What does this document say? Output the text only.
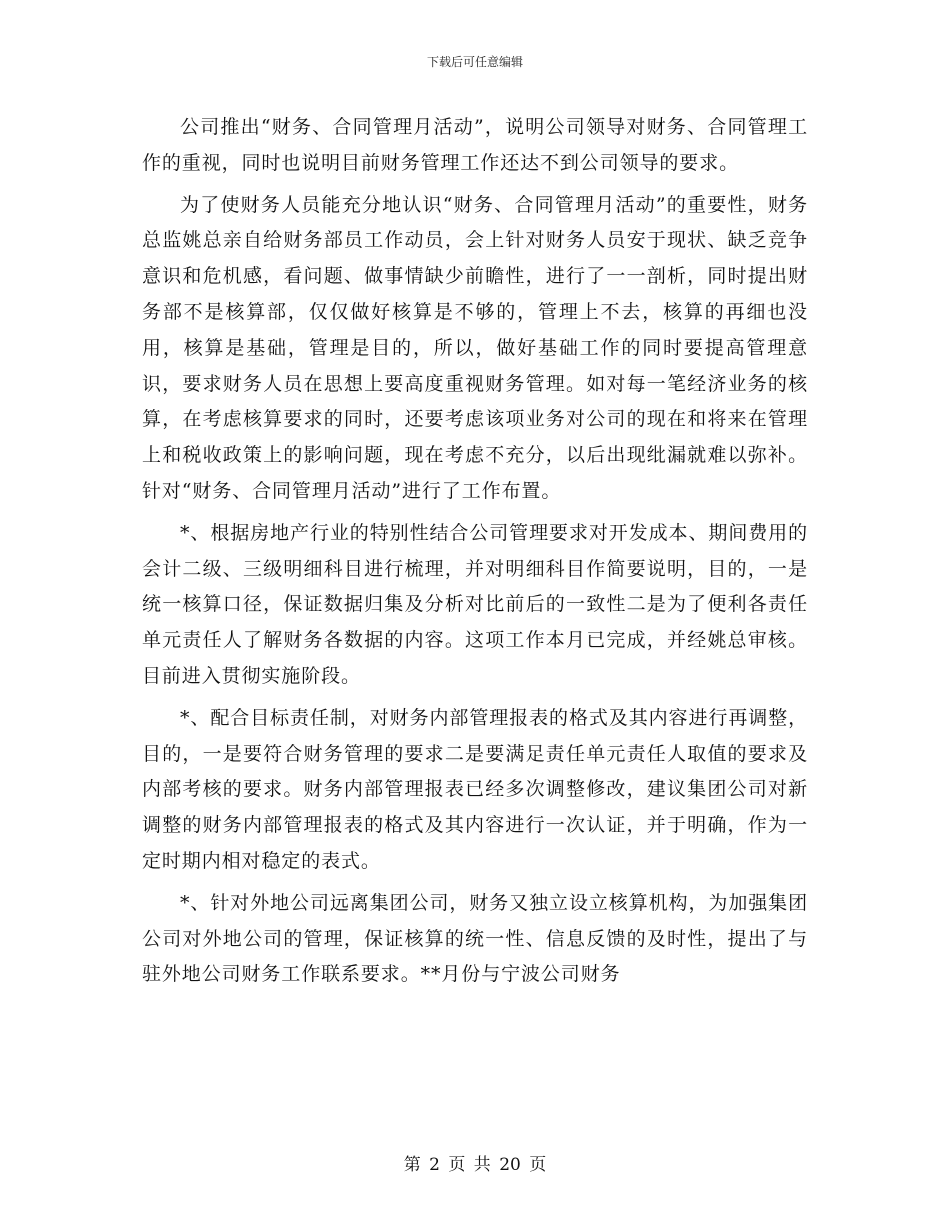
下载后可任意编辑

公司推出“财务、合同管理月活动”，说明公司领导对财务、合同管理工作的重视，同时也说明目前财务管理工作还达不到公司领导的要求。

为了使财务人员能充分地认识“财务、合同管理月活动”的重要性，财务总监姚总亲自给财务部员工作动员，会上针对财务人员安于现状、缺乏竞争意识和危机感，看问题、做事情缺少前瞻性，进行了一一剖析，同时提出财务部不是核算部，仅仅做好核算是不够的，管理上不去，核算的再细也没用，核算是基础，管理是目的，所以，做好基础工作的同时要提高管理意识，要求财务人员在思想上要高度重视财务管理。如对每一笔经济业务的核算，在考虑核算要求的同时，还要考虑该项业务对公司的现在和将来在管理上和税收政策上的影响问题，现在考虑不充分，以后出现纰漏就难以弥补。针对“财务、合同管理月活动”进行了工作布置。

*、根据房地产行业的特别性结合公司管理要求对开发成本、期间费用的会计二级、三级明细科目进行梳理，并对明细科目作简要说明，目的，一是统一核算口径，保证数据归集及分析对比前后的一致性二是为了便利各责任单元责任人了解财务各数据的内容。这项工作本月已完成，并经姚总审核。目前进入贯彻实施阶段。

*、配合目标责任制，对财务内部管理报表的格式及其内容进行再调整，目的，一是要符合财务管理的要求二是要满足责任单元责任人取值的要求及内部考核的要求。财务内部管理报表已经多次调整修改，建议集团公司对新调整的财务内部管理报表的格式及其内容进行一次认证，并于明确，作为一定时期内相对稳定的表式。

*、针对外地公司远离集团公司，财务又独立设立核算机构，为加强集团公司对外地公司的管理，保证核算的统一性、信息反馈的及时性，提出了与驻外地公司财务工作联系要求。**月份与宁波公司财务

第 2 页 共 20 页
